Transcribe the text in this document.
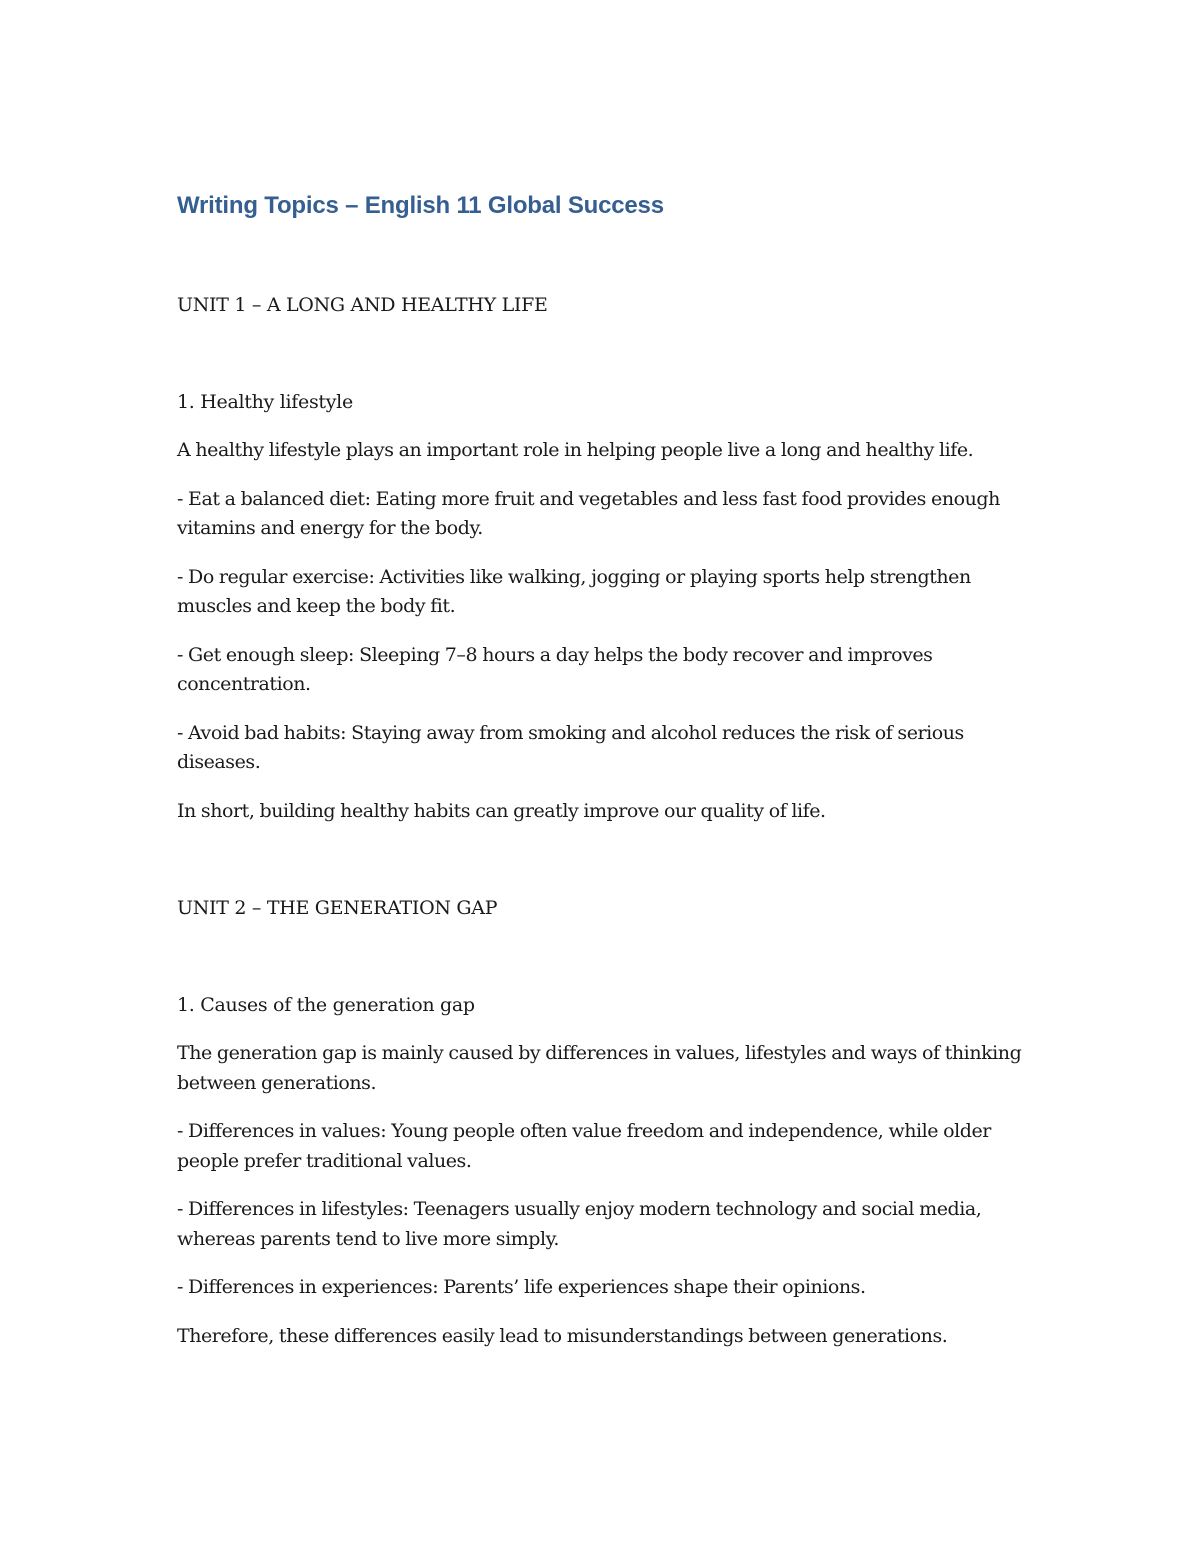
Writing Topics – English 11 Global Success

UNIT 1 – A LONG AND HEALTHY LIFE

1. Healthy lifestyle

A healthy lifestyle plays an important role in helping people live a long and healthy life.

- Eat a balanced diet: Eating more fruit and vegetables and less fast food provides enough vitamins and energy for the body.

- Do regular exercise: Activities like walking, jogging or playing sports help strengthen muscles and keep the body fit.

- Get enough sleep: Sleeping 7–8 hours a day helps the body recover and improves concentration.

- Avoid bad habits: Staying away from smoking and alcohol reduces the risk of serious diseases.

In short, building healthy habits can greatly improve our quality of life.

UNIT 2 – THE GENERATION GAP

1. Causes of the generation gap

The generation gap is mainly caused by differences in values, lifestyles and ways of thinking between generations.

- Differences in values: Young people often value freedom and independence, while older people prefer traditional values.

- Differences in lifestyles: Teenagers usually enjoy modern technology and social media, whereas parents tend to live more simply.

- Differences in experiences: Parents’ life experiences shape their opinions.

Therefore, these differences easily lead to misunderstandings between generations.
